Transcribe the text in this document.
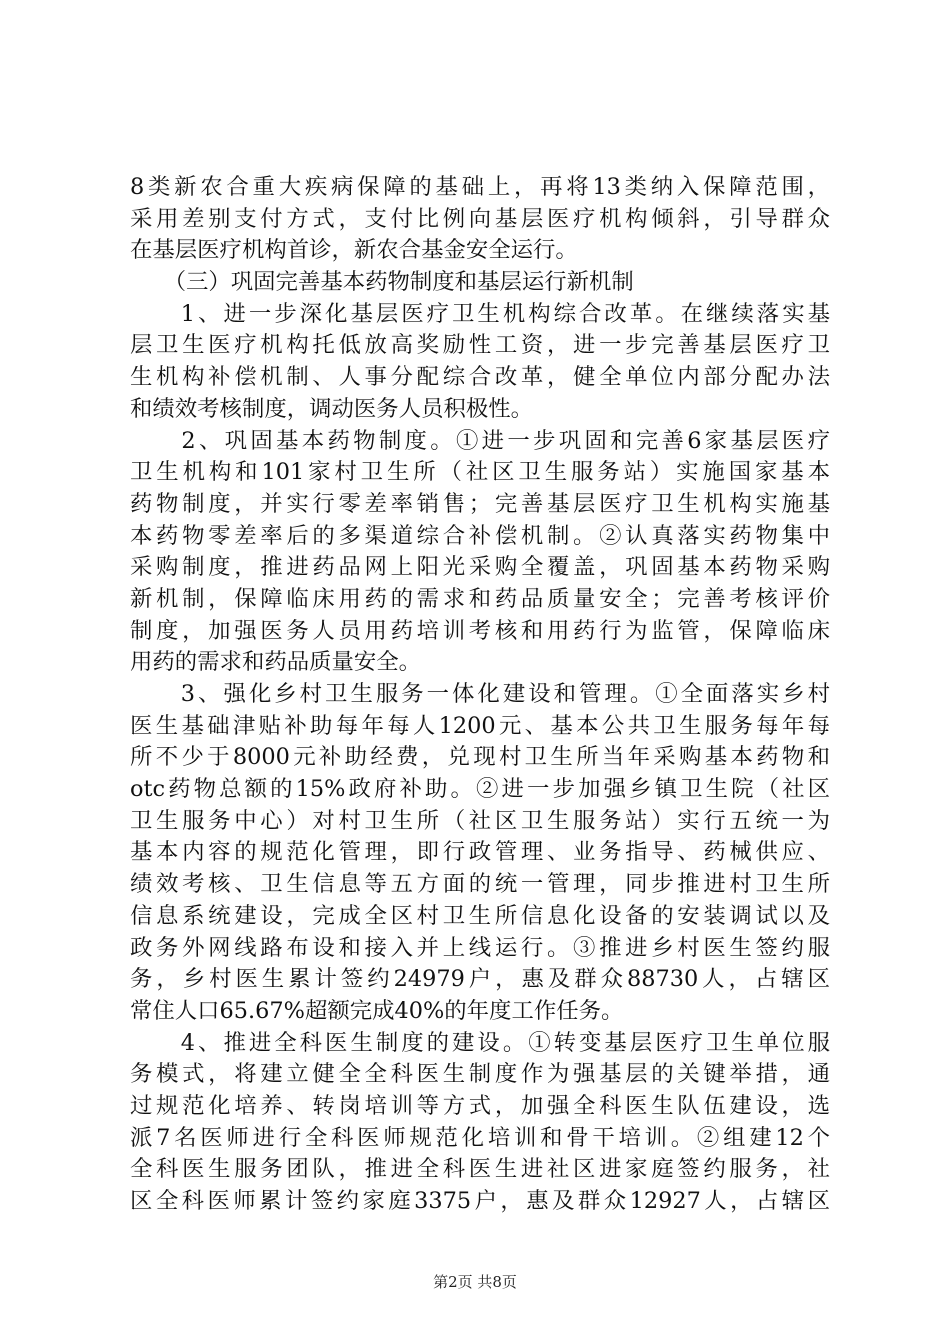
8类新农合重大疾病保障的基础上，再将13类纳入保障范围，
采用差别支付方式，支付比例向基层医疗机构倾斜，引导群众
在基层医疗机构首诊，新农合基金安全运行。
　　（三）巩固完善基本药物制度和基层运行新机制
　　1、进一步深化基层医疗卫生机构综合改革。在继续落实基
层卫生医疗机构托低放高奖励性工资，进一步完善基层医疗卫
生机构补偿机制、人事分配综合改革，健全单位内部分配办法
和绩效考核制度，调动医务人员积极性。
　　2、巩固基本药物制度。①进一步巩固和完善6家基层医疗
卫生机构和101家村卫生所（社区卫生服务站）实施国家基本
药物制度，并实行零差率销售；完善基层医疗卫生机构实施基
本药物零差率后的多渠道综合补偿机制。②认真落实药物集中
采购制度，推进药品网上阳光采购全覆盖，巩固基本药物采购
新机制，保障临床用药的需求和药品质量安全；完善考核评价
制度，加强医务人员用药培训考核和用药行为监管，保障临床
用药的需求和药品质量安全。
　　3、强化乡村卫生服务一体化建设和管理。①全面落实乡村
医生基础津贴补助每年每人1200元、基本公共卫生服务每年每
所不少于8000元补助经费，兑现村卫生所当年采购基本药物和
otc药物总额的15%政府补助。②进一步加强乡镇卫生院（社区
卫生服务中心）对村卫生所（社区卫生服务站）实行五统一为
基本内容的规范化管理，即行政管理、业务指导、药械供应、
绩效考核、卫生信息等五方面的统一管理，同步推进村卫生所
信息系统建设，完成全区村卫生所信息化设备的安装调试以及
政务外网线路布设和接入并上线运行。③推进乡村医生签约服
务，乡村医生累计签约24979户，惠及群众88730人，占辖区
常住人口65.67%超额完成40%的年度工作任务。
　　4、推进全科医生制度的建设。①转变基层医疗卫生单位服
务模式，将建立健全全科医生制度作为强基层的关键举措，通
过规范化培养、转岗培训等方式，加强全科医生队伍建设，选
派7名医师进行全科医师规范化培训和骨干培训。②组建12个
全科医生服务团队，推进全科医生进社区进家庭签约服务，社
区全科医师累计签约家庭3375户，惠及群众12927人，占辖区
第2页 共8页
